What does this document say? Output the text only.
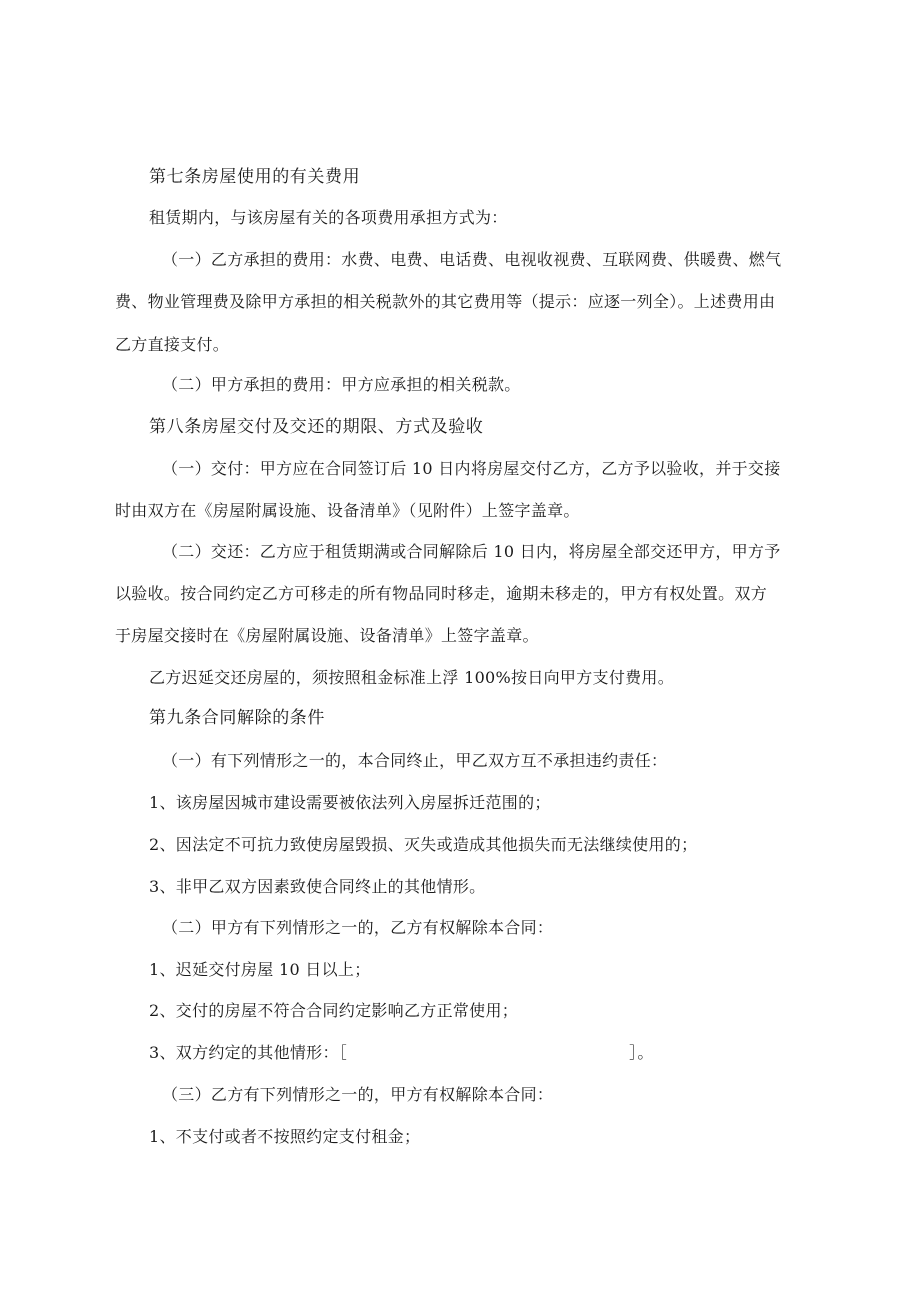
第七条房屋使用的有关费用
租赁期内，与该房屋有关的各项费用承担方式为：
（一）乙方承担的费用：水费、电费、电话费、电视收视费、互联网费、供暖费、燃气
费、物业管理费及除甲方承担的相关税款外的其它费用等（提示：应逐一列全）。上述费用由
乙方直接支付。
（二）甲方承担的费用：甲方应承担的相关税款。
第八条房屋交付及交还的期限、方式及验收
（一）交付：甲方应在合同签订后 10 日内将房屋交付乙方，乙方予以验收，并于交接
时由双方在《房屋附属设施、设备清单》（见附件）上签字盖章。
（二）交还：乙方应于租赁期满或合同解除后 10 日内，将房屋全部交还甲方，甲方予
以验收。按合同约定乙方可移走的所有物品同时移走，逾期未移走的，甲方有权处置。双方
于房屋交接时在《房屋附属设施、设备清单》上签字盖章。
乙方迟延交还房屋的，须按照租金标准上浮 100%按日向甲方支付费用。
第九条合同解除的条件
（一）有下列情形之一的，本合同终止，甲乙双方互不承担违约责任：
1、该房屋因城市建设需要被依法列入房屋拆迁范围的；
2、因法定不可抗力致使房屋毁损、灭失或造成其他损失而无法继续使用的；
3、非甲乙双方因素致使合同终止的其他情形。
（二）甲方有下列情形之一的，乙方有权解除本合同：
1、迟延交付房屋 10 日以上；
2、交付的房屋不符合合同约定影响乙方正常使用；
3、双方约定的其他情形：［	］。
（三）乙方有下列情形之一的，甲方有权解除本合同：
1、不支付或者不按照约定支付租金；
